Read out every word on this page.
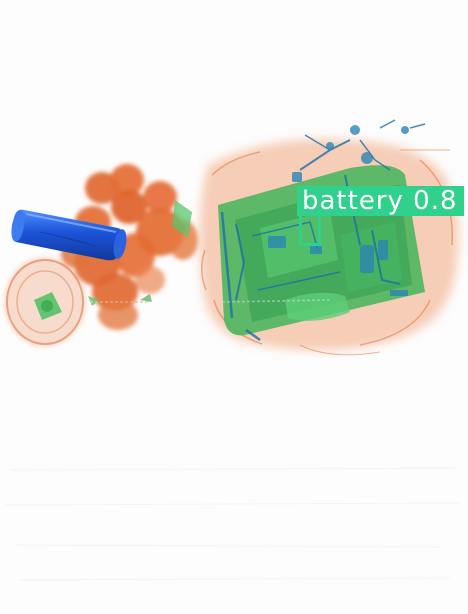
battery 0.8
